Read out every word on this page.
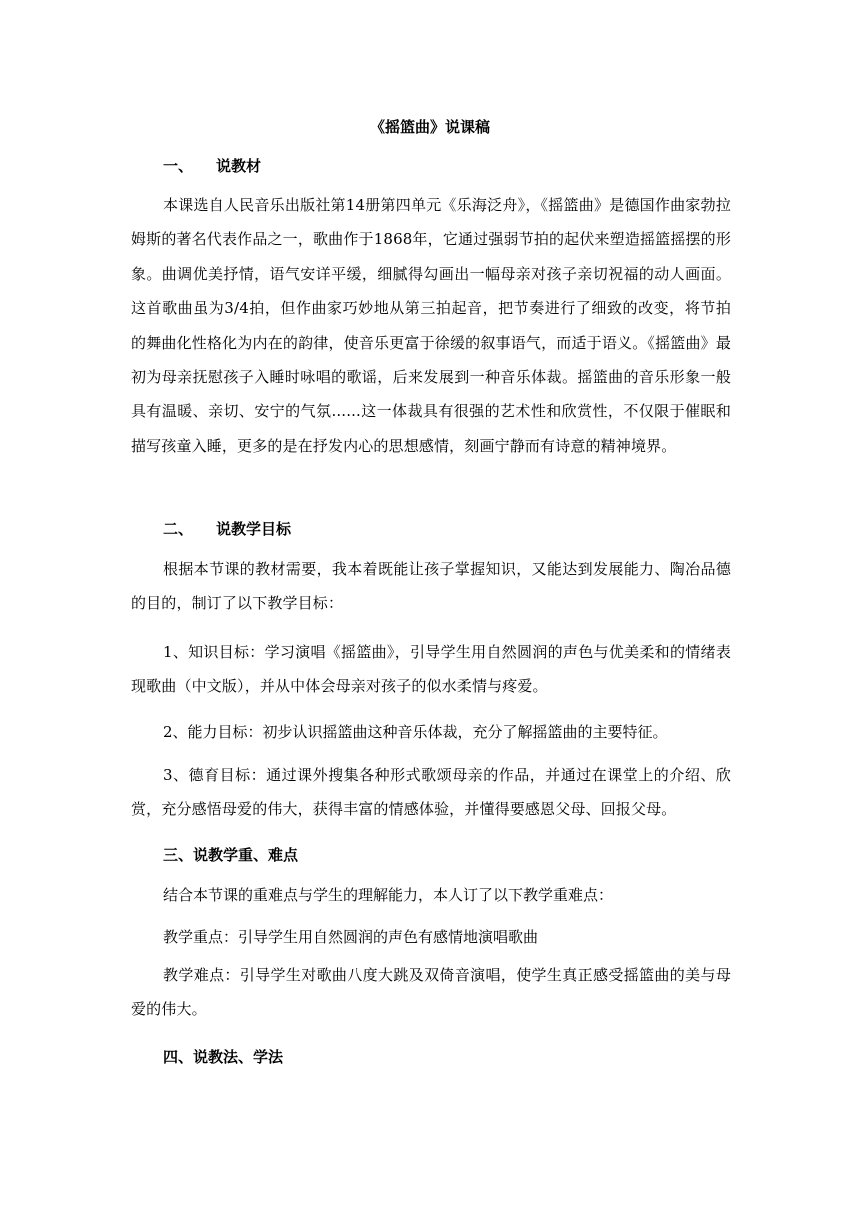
《摇篮曲》说课稿
一、 说教材
本课选自人民音乐出版社第14册第四单元《乐海泛舟》，《摇篮曲》是德国作曲家勃拉姆斯的著名代表作品之一，歌曲作于1868年，它通过强弱节拍的起伏来塑造摇篮摇摆的形象。曲调优美抒情，语气安详平缓，细腻得勾画出一幅母亲对孩子亲切祝福的动人画面。这首歌曲虽为3/4拍，但作曲家巧妙地从第三拍起音，把节奏进行了细致的改变，将节拍的舞曲化性格化为内在的韵律，使音乐更富于徐缓的叙事语气，而适于语义。《摇篮曲》最初为母亲抚慰孩子入睡时咏唱的歌谣，后来发展到一种音乐体裁。摇篮曲的音乐形象一般具有温暖、亲切、安宁的气氛......这一体裁具有很强的艺术性和欣赏性，不仅限于催眠和描写孩童入睡，更多的是在抒发内心的思想感情，刻画宁静而有诗意的精神境界。
二、 说教学目标
根据本节课的教材需要，我本着既能让孩子掌握知识，又能达到发展能力、陶冶品德的目的，制订了以下教学目标：
1、知识目标：学习演唱《摇篮曲》，引导学生用自然圆润的声色与优美柔和的情绪表现歌曲（中文版），并从中体会母亲对孩子的似水柔情与疼爱。
2、能力目标：初步认识摇篮曲这种音乐体裁，充分了解摇篮曲的主要特征。
3、德育目标：通过课外搜集各种形式歌颂母亲的作品，并通过在课堂上的介绍、欣赏，充分感悟母爱的伟大，获得丰富的情感体验，并懂得要感恩父母、回报父母。
三、说教学重、难点
结合本节课的重难点与学生的理解能力，本人订了以下教学重难点：
教学重点：引导学生用自然圆润的声色有感情地演唱歌曲
教学难点：引导学生对歌曲八度大跳及双倚音演唱，使学生真正感受摇篮曲的美与母爱的伟大。
四、说教法、学法
